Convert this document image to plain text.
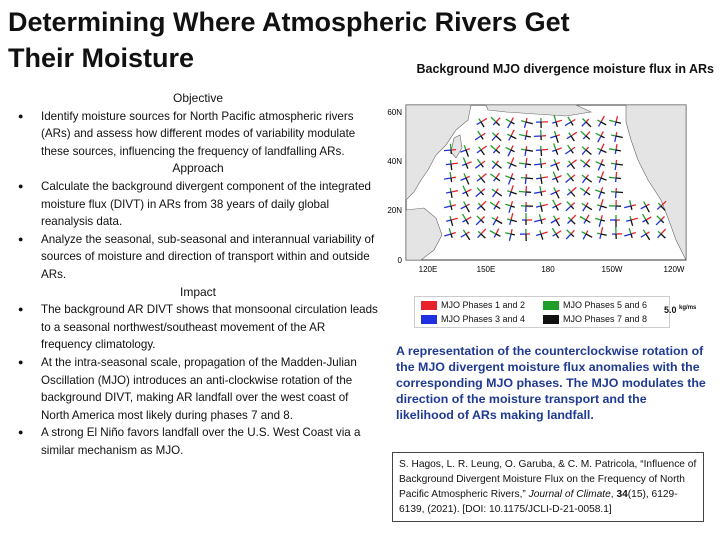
Determining Where Atmospheric Rivers Get Their Moisture	Background MJO divergence moisture flux in ARs
Objective
● Identify moisture sources for North Pacific atmospheric rivers (ARs) and assess how different modes of variability modulate these sources, influencing the frequency of landfalling ARs.
Approach
● Calculate the background divergent component of the integrated moisture flux (DIVT) in ARs from 38 years of daily global reanalysis data.
● Analyze the seasonal, sub-seasonal and interannual variability of sources of moisture and direction of transport within and outside ARs.
Impact
● The background AR DIVT shows that monsoonal circulation leads to a seasonal northwest/southeast movement of the AR frequency climatology.
● At the intra-seasonal scale, propagation of the Madden-Julian Oscillation (MJO) introduces an anti-clockwise rotation of the background DIVT, making AR landfall over the west coast of North America most likely during phases 7 and 8.
● A strong El Niño favors landfall over the U.S. West Coast via a similar mechanism as MJO.
60N
40N
20N
0
120E	150E	180	150W	120W
MJO Phases 1 and 2	MJO Phases 5 and 6
MJO Phases 3 and 4	MJO Phases 7 and 8
5.0 $^{kg/ms}$
A representation of the counterclockwise rotation of the MJO divergent moisture flux anomalies with the corresponding MJO phases. The MJO modulates the direction of the moisture transport and the likelihood of ARs making landfall.
S. Hagos, L. R. Leung, O. Garuba, & C. M. Patricola, “Influence of Background Divergent Moisture Flux on the Frequency of North Pacific Atmospheric Rivers,” Journal of Climate, 34(15), 6129-6139, (2021). [DOI: 10.1175/JCLI-D-21-0058.1]
